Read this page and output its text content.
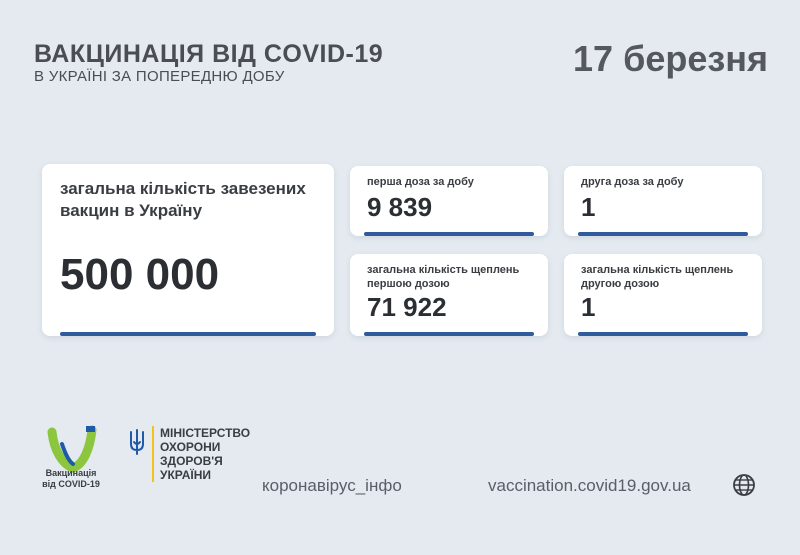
ВАКЦИНАЦІЯ ВІД COVID-19
В УКРАЇНІ ЗА ПОПЕРЕДНЮ ДОБУ	17 березня
загальна кількість завезених вакцин в Україну
500 000
перша доза за добу
9 839
друга доза за добу
1
загальна кількість щеплень першою дозою
71 922
загальна кількість щеплень другою дозою
1
Вакцинація
від COVID-19
МІНІСТЕРСТВО
ОХОРОНИ
ЗДОРОВ'Я
УКРАЇНИ
коронавірус_інфо	vaccination.covid19.gov.ua
